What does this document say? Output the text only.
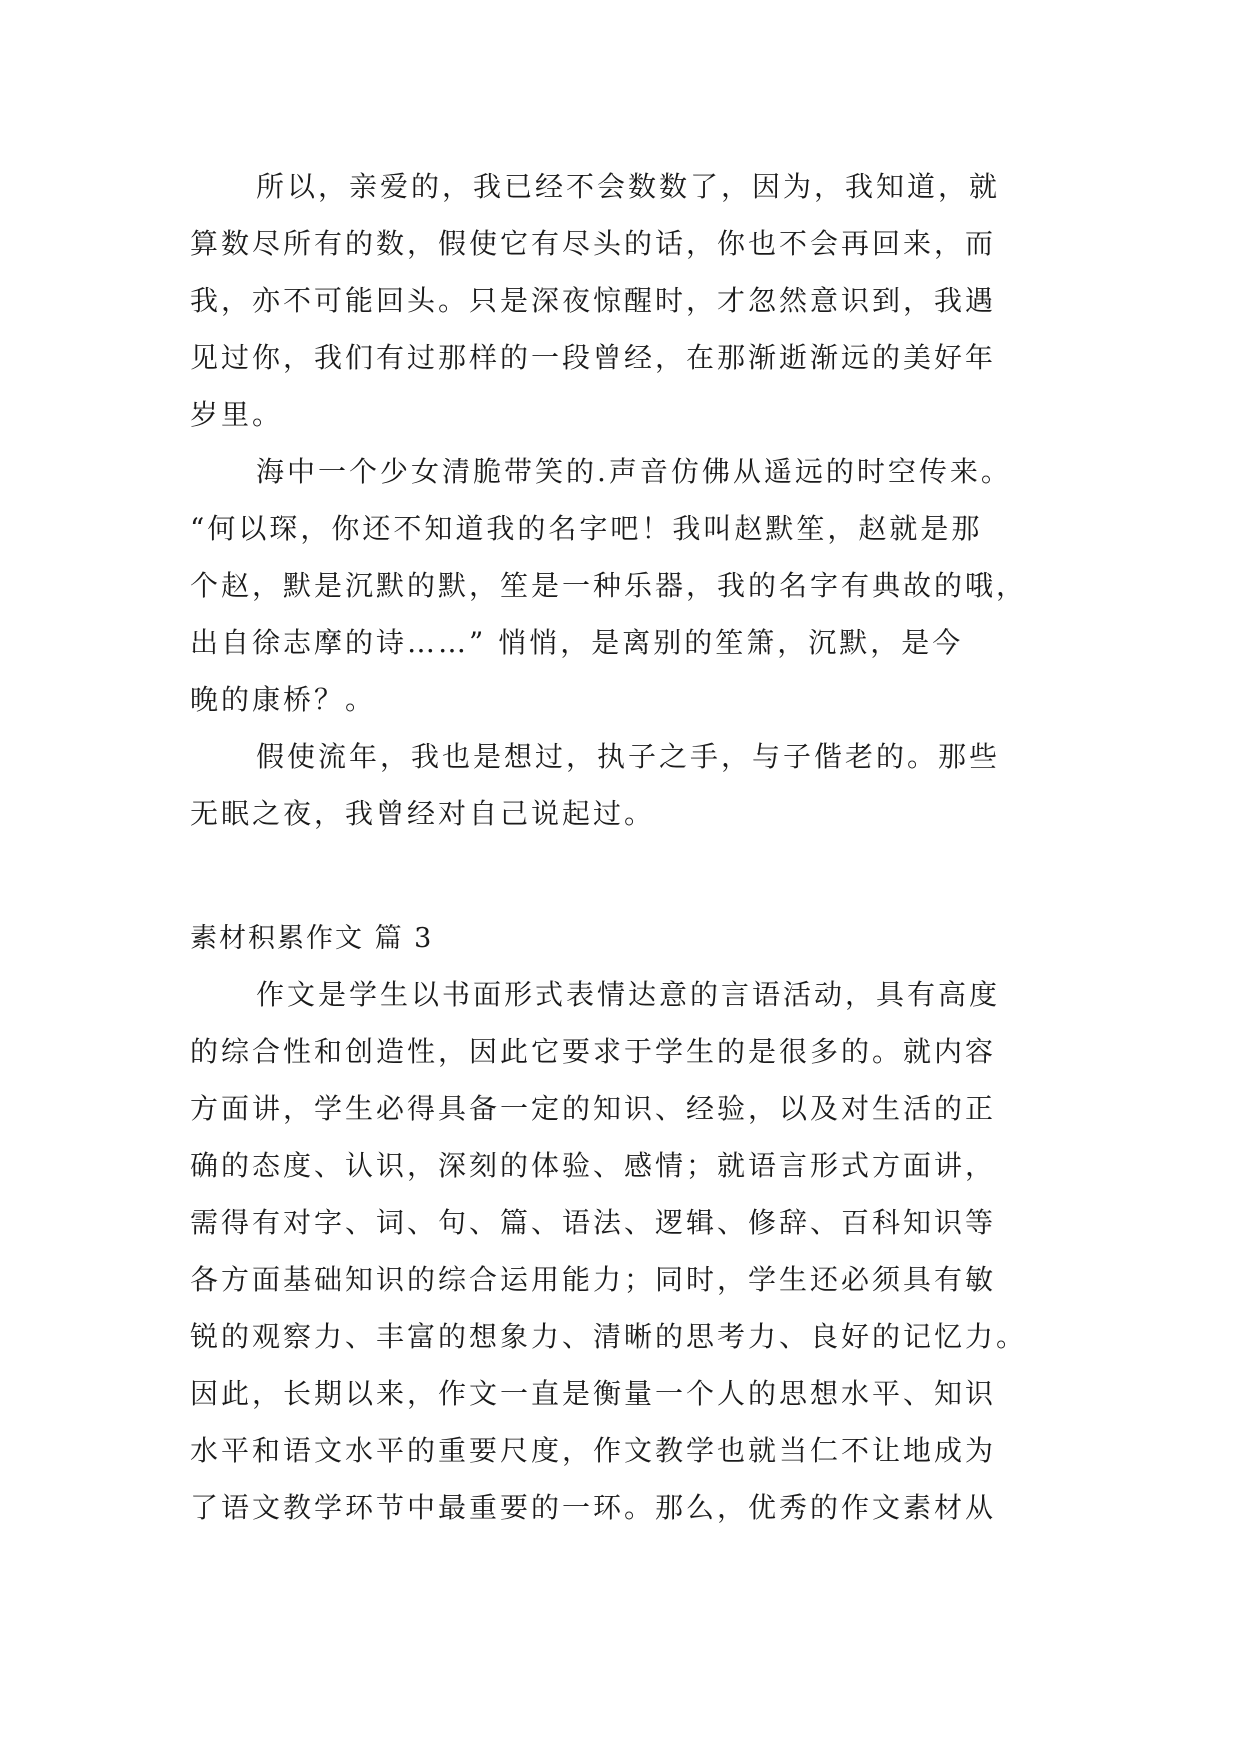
所以，亲爱的，我已经不会数数了，因为，我知道，就
算数尽所有的数，假使它有尽头的话，你也不会再回来，而
我，亦不可能回头。只是深夜惊醒时，才忽然意识到，我遇
见过你，我们有过那样的一段曾经，在那渐逝渐远的美好年
岁里。
海中一个少女清脆带笑的.声音仿佛从遥远的时空传来。
“何以琛，你还不知道我的名字吧！我叫赵默笙，赵就是那
个赵，默是沉默的默，笙是一种乐器，我的名字有典故的哦，
出自徐志摩的诗……” 悄悄，是离别的笙箫，沉默，是今
晚的康桥？。
假使流年，我也是想过，执子之手，与子偕老的。那些
无眠之夜，我曾经对自己说起过。
素材积累作文 篇 3
作文是学生以书面形式表情达意的言语活动，具有高度
的综合性和创造性，因此它要求于学生的是很多的。就内容
方面讲，学生必得具备一定的知识、经验，以及对生活的正
确的态度、认识，深刻的体验、感情；就语言形式方面讲，
需得有对字、词、句、篇、语法、逻辑、修辞、百科知识等
各方面基础知识的综合运用能力；同时，学生还必须具有敏
锐的观察力、丰富的想象力、清晰的思考力、良好的记忆力。
因此，长期以来，作文一直是衡量一个人的思想水平、知识
水平和语文水平的重要尺度，作文教学也就当仁不让地成为
了语文教学环节中最重要的一环。那么，优秀的作文素材从
